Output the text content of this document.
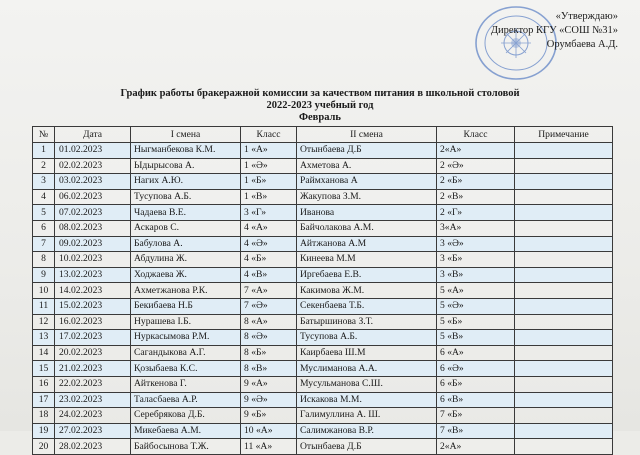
«Утверждаю»
Директор КГУ «СОШ №31»
Орумбаева А.Д.
График работы бракеражной комиссии за качеством питания в школьной столовой
2022-2023 учебный год
Февраль
№	Дата	I смена	Класс	II смена	Класс	Примечание
1	01.02.2023	Ныгманбекова К.М.	1 «А»	Отынбаева Д.Б	2«А»	
2	02.02.2023	Ыдырысова А.	1 «Ә»	Ахметова А.	2 «Ә»	
3	03.02.2023	Нагих А.Ю.	1 «Б»	Раймханова А	2 «Б»	
4	06.02.2023	Тусупова А.Б.	1 «В»	Жакупова З.М.	2 «В»	
5	07.02.2023	Чадаева В.Е.	3 «Г»	Иванова	2 «Г»	
6	08.02.2023	Аскаров С.	4 «А»	Байчолакова А.М.	3«А»	
7	09.02.2023	Бабулова А.	4 «Ә»	Айтжанова А.М	3 «Ә»	
8	10.02.2023	Абдулина Ж.	4 «Б»	Кинеева М.М	3 «Б»	
9	13.02.2023	Ходжаева Ж.	4 «В»	Иргебаева Е.В.	3 «В»	
10	14.02.2023	Ахметжанова Р.К.	7 «А»	Какимова Ж.М.	5 «А»	
11	15.02.2023	Бекибаева Н.Б	7 «Ә»	Секенбаева Т.Б.	5 «Ә»	
12	16.02.2023	Нурашева І.Б.	8 «А»	Батыршинова З.Т.	5 «Б»	
13	17.02.2023	Нуркасымова Р.М.	8 «Ә»	Тусупова А.Б.	5 «В»	
14	20.02.2023	Сагандыкова А.Г.	8 «Б»	Каирбаева Ш.М	6 «А»	
15	21.02.2023	Қозыбаева К.С.	8 «В»	Муслиманова А.А.	6 «Ә»	
16	22.02.2023	Айткенова Г.	9 «А»	Мусульманова С.Ш.	6 «Б»	
17	23.02.2023	Таласбаева А.Р.	9 «Ә»	Искакова М.М.	6 «В»	
18	24.02.2023	Серебрякова Д.Б.	9 «Б»	Галимуллина А. Ш.	7 «Б»	
19	27.02.2023	Микебаева А.М.	10 «А»	Салимжанова В.Р.	7 «В»	
20	28.02.2023	Байбосынова Т.Ж.	11 «А»	Отынбаева Д.Б	2«А»	
